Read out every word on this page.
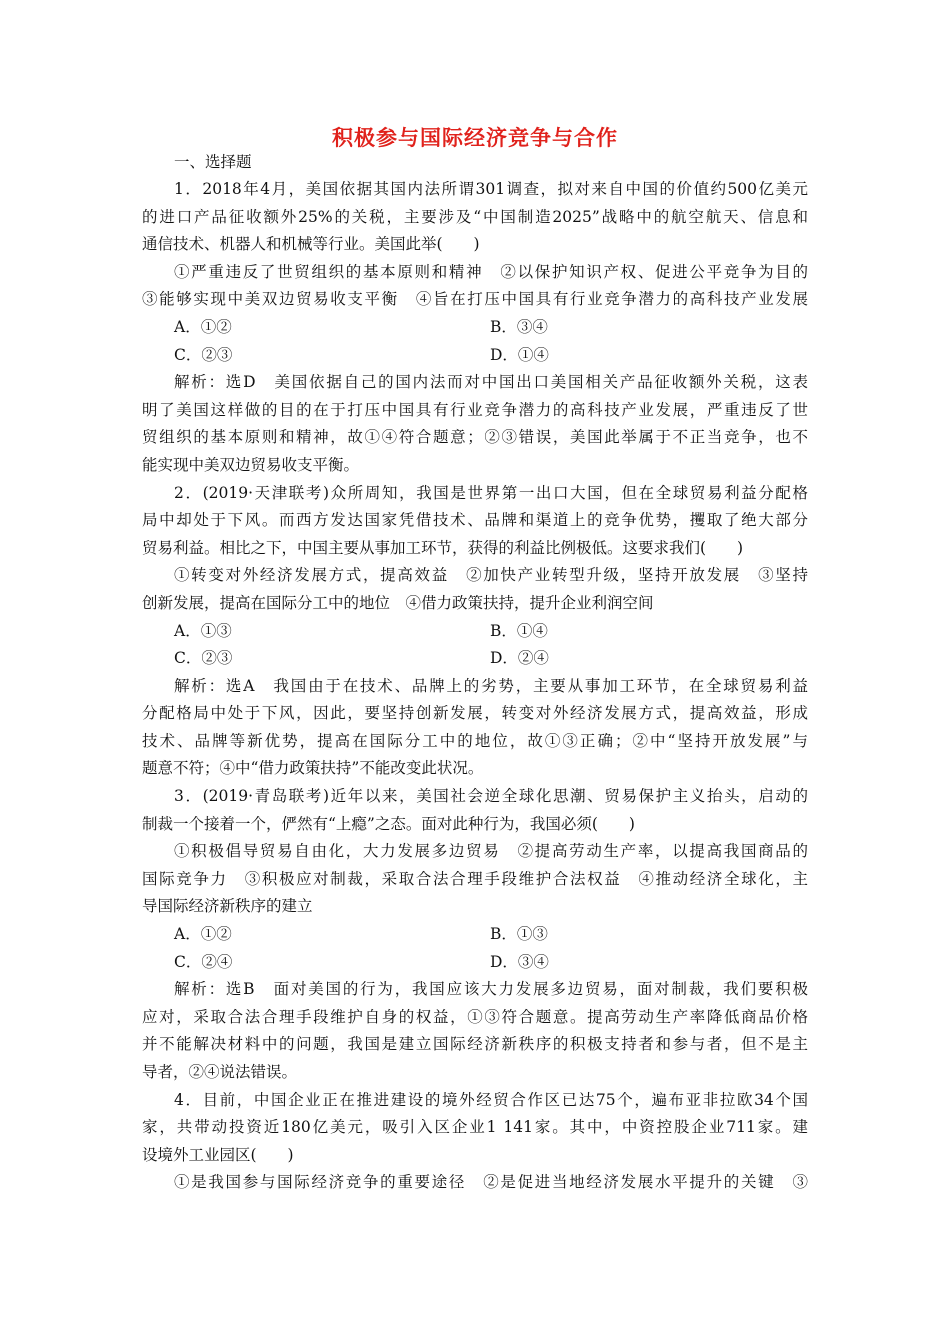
积极参与国际经济竞争与合作
一、选择题
1．2018年4月，美国依据其国内法所谓301调查，拟对来自中国的价值约500亿美元
的进口产品征收额外25%的关税，主要涉及“中国制造2025”战略中的航空航天、信息和
通信技术、机器人和机械等行业。美国此举(　　)
①严重违反了世贸组织的基本原则和精神　②以保护知识产权、促进公平竞争为目的
③能够实现中美双边贸易收支平衡　④旨在打压中国具有行业竞争潜力的高科技产业发展
A．①②	B．③④
C．②③	D．①④
解析：选D　美国依据自己的国内法而对中国出口美国相关产品征收额外关税，这表
明了美国这样做的目的在于打压中国具有行业竞争潜力的高科技产业发展，严重违反了世
贸组织的基本原则和精神，故①④符合题意；②③错误，美国此举属于不正当竞争，也不
能实现中美双边贸易收支平衡。
2．(2019·天津联考)众所周知，我国是世界第一出口大国，但在全球贸易利益分配格
局中却处于下风。而西方发达国家凭借技术、品牌和渠道上的竞争优势，攫取了绝大部分
贸易利益。相比之下，中国主要从事加工环节，获得的利益比例极低。这要求我们(　　)
①转变对外经济发展方式，提高效益　②加快产业转型升级，坚持开放发展　③坚持
创新发展，提高在国际分工中的地位　④借力政策扶持，提升企业利润空间
A．①③	B．①④
C．②③	D．②④
解析：选A　我国由于在技术、品牌上的劣势，主要从事加工环节，在全球贸易利益
分配格局中处于下风，因此，要坚持创新发展，转变对外经济发展方式，提高效益，形成
技术、品牌等新优势，提高在国际分工中的地位，故①③正确；②中“坚持开放发展”与
题意不符；④中“借力政策扶持”不能改变此状况。
3．(2019·青岛联考)近年以来，美国社会逆全球化思潮、贸易保护主义抬头，启动的
制裁一个接着一个，俨然有“上瘾”之态。面对此种行为，我国必须(　　)
①积极倡导贸易自由化，大力发展多边贸易　②提高劳动生产率，以提高我国商品的
国际竞争力　③积极应对制裁，采取合法合理手段维护合法权益　④推动经济全球化，主
导国际经济新秩序的建立
A．①②	B．①③
C．②④	D．③④
解析：选B　面对美国的行为，我国应该大力发展多边贸易，面对制裁，我们要积极
应对，采取合法合理手段维护自身的权益，①③符合题意。提高劳动生产率降低商品价格
并不能解决材料中的问题，我国是建立国际经济新秩序的积极支持者和参与者，但不是主
导者，②④说法错误。
4．目前，中国企业正在推进建设的境外经贸合作区已达75个，遍布亚非拉欧34个国
家，共带动投资近180亿美元，吸引入区企业1 141家。其中，中资控股企业711家。建
设境外工业园区(　　)
①是我国参与国际经济竞争的重要途径　②是促进当地经济发展水平提升的关键　③
